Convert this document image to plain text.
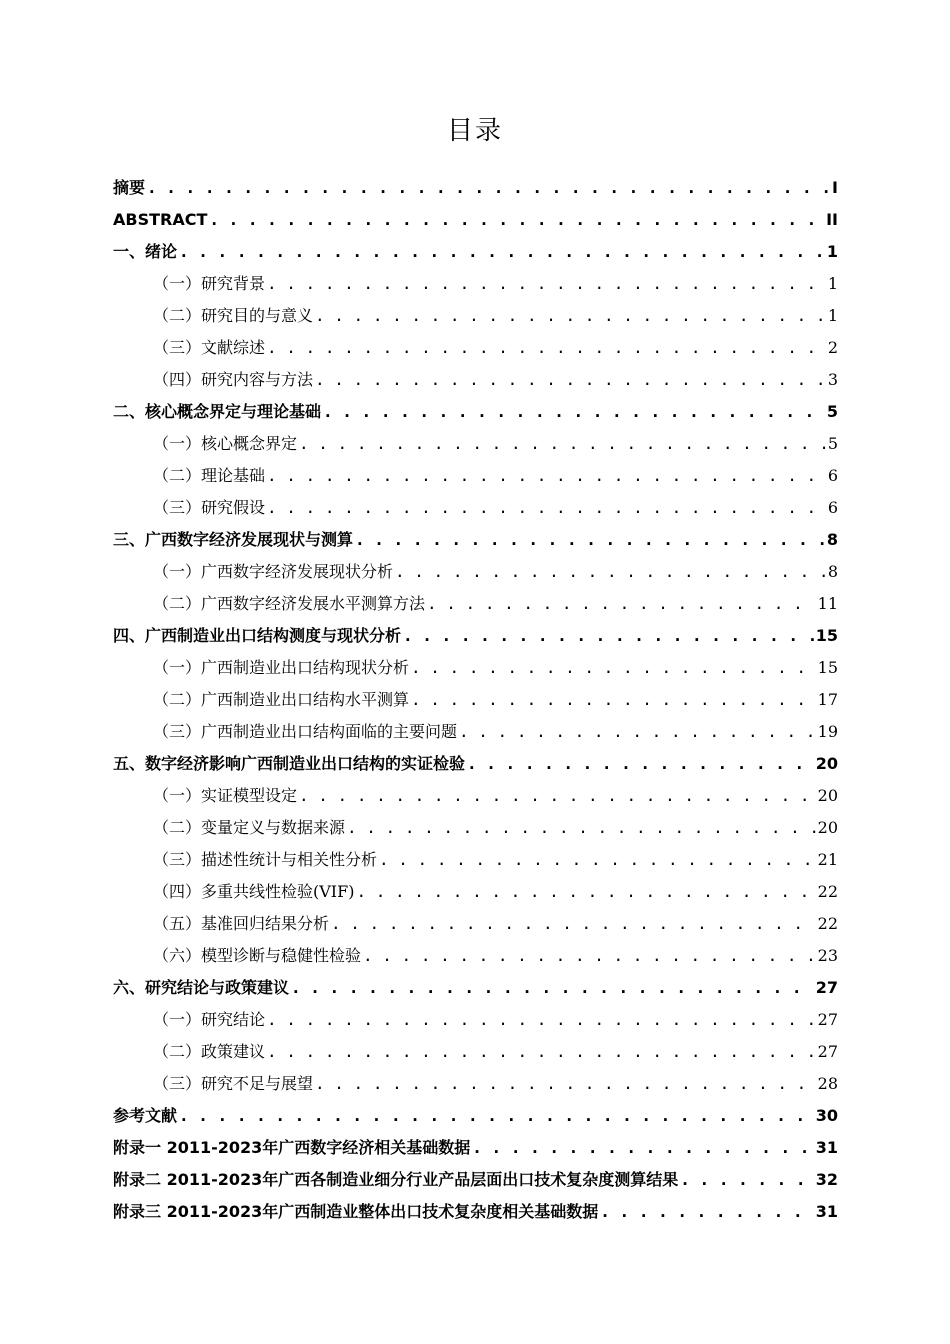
目录
摘要 . . .	I
ABSTRACT . . .	II
一、绪论 . . .	1
（一）研究背景 . . .	1
（二）研究目的与意义 . . .	1
（三）文献综述 . . .	2
（四）研究内容与方法 . . .	3
二、核心概念界定与理论基础 . . .	5
（一）核心概念界定 . . .	5
（二）理论基础 . . .	6
（三）研究假设 . . .	6
三、广西数字经济发展现状与测算 . . .	8
（一）广西数字经济发展现状分析 . . .	8
（二）广西数字经济发展水平测算方法 . . .	11
四、广西制造业出口结构测度与现状分析 . . .	15
（一）广西制造业出口结构现状分析 . . .	15
（二）广西制造业出口结构水平测算 . . .	17
（三）广西制造业出口结构面临的主要问题 . . .	19
五、数字经济影响广西制造业出口结构的实证检验 . . .	20
（一）实证模型设定 . . .	20
（二）变量定义与数据来源 . . .	20
（三）描述性统计与相关性分析 . . .	21
（四）多重共线性检验(VIF) . . .	22
（五）基准回归结果分析 . . .	22
（六）模型诊断与稳健性检验 . . .	23
六、研究结论与政策建议 . . .	27
（一）研究结论 . . .	27
（二）政策建议 . . .	27
（三）研究不足与展望 . . .	28
参考文献 . . .	30
附录一 2011-2023年广西数字经济相关基础数据 . . .	31
附录二 2011-2023年广西各制造业细分行业产品层面出口技术复杂度测算结果 . . .	32
附录三 2011-2023年广西制造业整体出口技术复杂度相关基础数据 . . .	31
